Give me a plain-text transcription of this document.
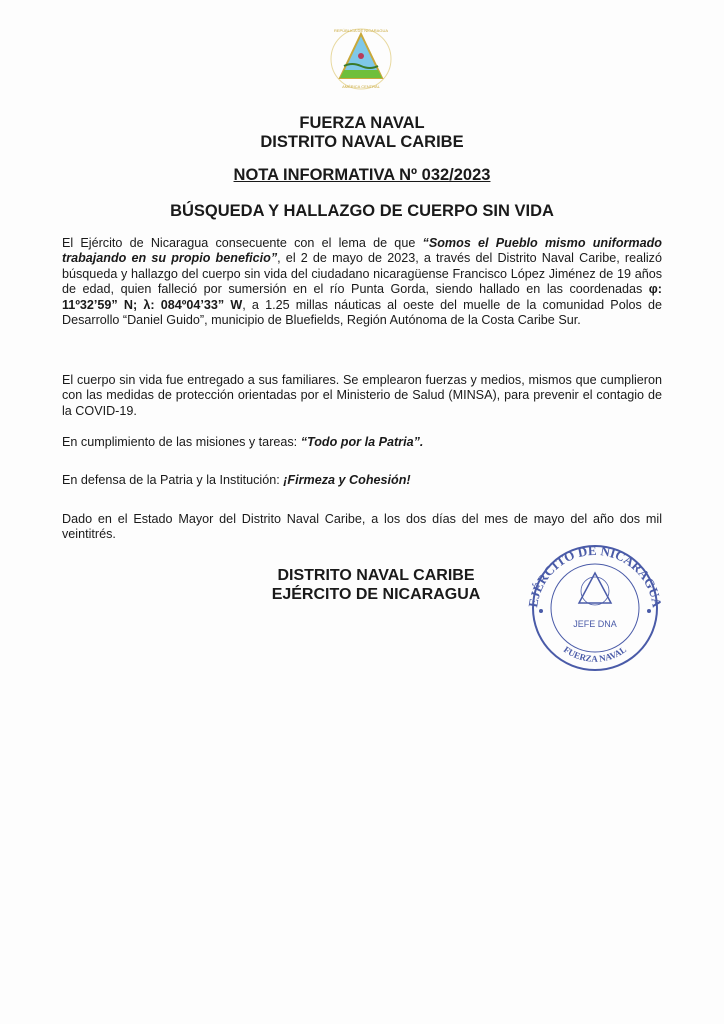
REPÚBLICA DE NICARAGUA
AMÉRICA CENTRAL
FUERZA NAVAL
DISTRITO NAVAL CARIBE
NOTA INFORMATIVA Nº 032/2023
BÚSQUEDA Y HALLAZGO DE CUERPO SIN VIDA
El Ejército de Nicaragua consecuente con el lema de que “Somos el Pueblo mismo uniformado trabajando en su propio beneficio”, el 2 de mayo de 2023, a través del Distrito Naval Caribe, realizó búsqueda y hallazgo del cuerpo sin vida del ciudadano nicaragüense Francisco López Jiménez de 19 años de edad, quien falleció por sumersión en el río Punta Gorda, siendo hallado en las coordenadas φ: 11º32’59” N; λ: 084º04’33” W, a 1.25 millas náuticas al oeste del muelle de la comunidad Polos de Desarrollo “Daniel Guido”, municipio de Bluefields, Región Autónoma de la Costa Caribe Sur.
El cuerpo sin vida fue entregado a sus familiares. Se emplearon fuerzas y medios, mismos que cumplieron con las medidas de protección orientadas por el Ministerio de Salud (MINSA), para prevenir el contagio de la COVID-19.
En cumplimiento de las misiones y tareas: “Todo por la Patria”.
En defensa de la Patria y la Institución: ¡Firmeza y Cohesión!
Dado en el Estado Mayor del Distrito Naval Caribe, a los dos días del mes de mayo del año dos mil veintitrés.
DISTRITO NAVAL CARIBE
EJÉRCITO DE NICARAGUA	EJÉRCITO DE NICARAGUA
FUERZA NAVAL
JEFE DNA
